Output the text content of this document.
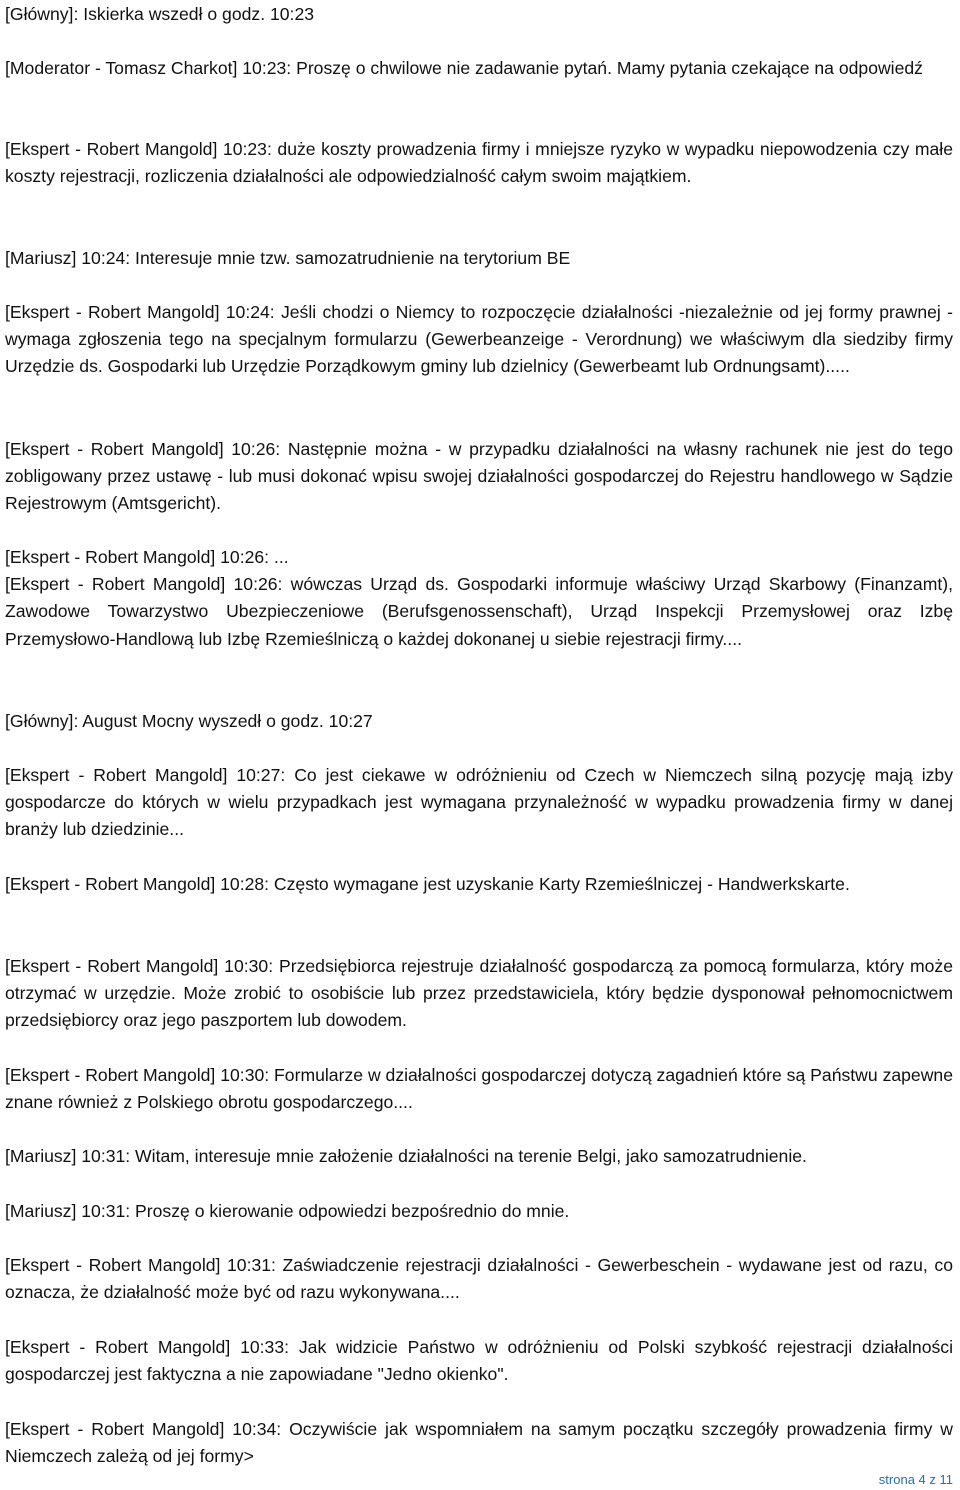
[Główny]: Iskierka wszedł o godz. 10:23

[Moderator - Tomasz Charkot] 10:23: Proszę o chwilowe nie zadawanie pytań. Mamy pytania czekające na odpowiedź

[Ekspert - Robert Mangold] 10:23: duże koszty prowadzenia firmy i mniejsze ryzyko w wypadku niepowodzenia czy małe koszty rejestracji, rozliczenia działalności ale odpowiedzialność całym swoim majątkiem.

[Mariusz] 10:24: Interesuje mnie tzw. samozatrudnienie na terytorium BE

[Ekspert - Robert Mangold] 10:24: Jeśli chodzi o Niemcy to rozpoczęcie działalności -niezależnie od jej formy prawnej -wymaga zgłoszenia tego na specjalnym formularzu (Gewerbeanzeige - Verordnung) we właściwym dla siedziby firmy Urzędzie ds. Gospodarki lub Urzędzie Porządkowym gminy lub dzielnicy (Gewerbeamt lub Ordnungsamt).....

[Ekspert - Robert Mangold] 10:26: Następnie można - w przypadku działalności na własny rachunek nie jest do tego zobligowany przez ustawę - lub musi dokonać wpisu swojej działalności gospodarczej do Rejestru handlowego w Sądzie Rejestrowym (Amtsgericht).

[Ekspert - Robert Mangold] 10:26: ...
[Ekspert - Robert Mangold] 10:26: wówczas Urząd ds. Gospodarki informuje właściwy Urząd Skarbowy (Finanzamt), Zawodowe Towarzystwo Ubezpieczeniowe (Berufsgenossenschaft), Urząd Inspekcji Przemysłowej oraz Izbę Przemysłowo-Handlową lub Izbę Rzemieślniczą o każdej dokonanej u siebie rejestracji firmy....

[Główny]: August Mocny wyszedł o godz. 10:27

[Ekspert - Robert Mangold] 10:27: Co jest ciekawe w odróżnieniu od Czech w Niemczech silną pozycję mają izby gospodarcze do których w wielu przypadkach jest wymagana przynależność w wypadku prowadzenia firmy w danej branży lub dziedzinie...

[Ekspert - Robert Mangold] 10:28: Często wymagane jest uzyskanie Karty Rzemieślniczej - Handwerkskarte.

[Ekspert - Robert Mangold] 10:30: Przedsiębiorca rejestruje działalność gospodarczą za pomocą formularza, który może otrzymać w urzędzie. Może zrobić to osobiście lub przez przedstawiciela, który będzie dysponował pełnomocnictwem przedsiębiorcy oraz jego paszportem lub dowodem.

[Ekspert - Robert Mangold] 10:30: Formularze w działalności gospodarczej dotyczą zagadnień które są Państwu zapewne znane również z Polskiego obrotu gospodarczego....

[Mariusz] 10:31: Witam, interesuje mnie założenie działalności na terenie Belgi, jako samozatrudnienie.

[Mariusz] 10:31: Proszę o kierowanie odpowiedzi bezpośrednio do mnie.

[Ekspert - Robert Mangold] 10:31: Zaświadczenie rejestracji działalności - Gewerbeschein - wydawane jest od razu, co oznacza, że działalność może być od razu wykonywana....

[Ekspert - Robert Mangold] 10:33: Jak widzicie Państwo w odróżnieniu od Polski szybkość rejestracji działalności gospodarczej jest faktyczna a nie zapowiadane "Jedno okienko".

[Ekspert - Robert Mangold] 10:34: Oczywiście jak wspomniałem na samym początku szczegóły prowadzenia firmy w Niemczech zależą od jej formy>

strona 4 z 11
